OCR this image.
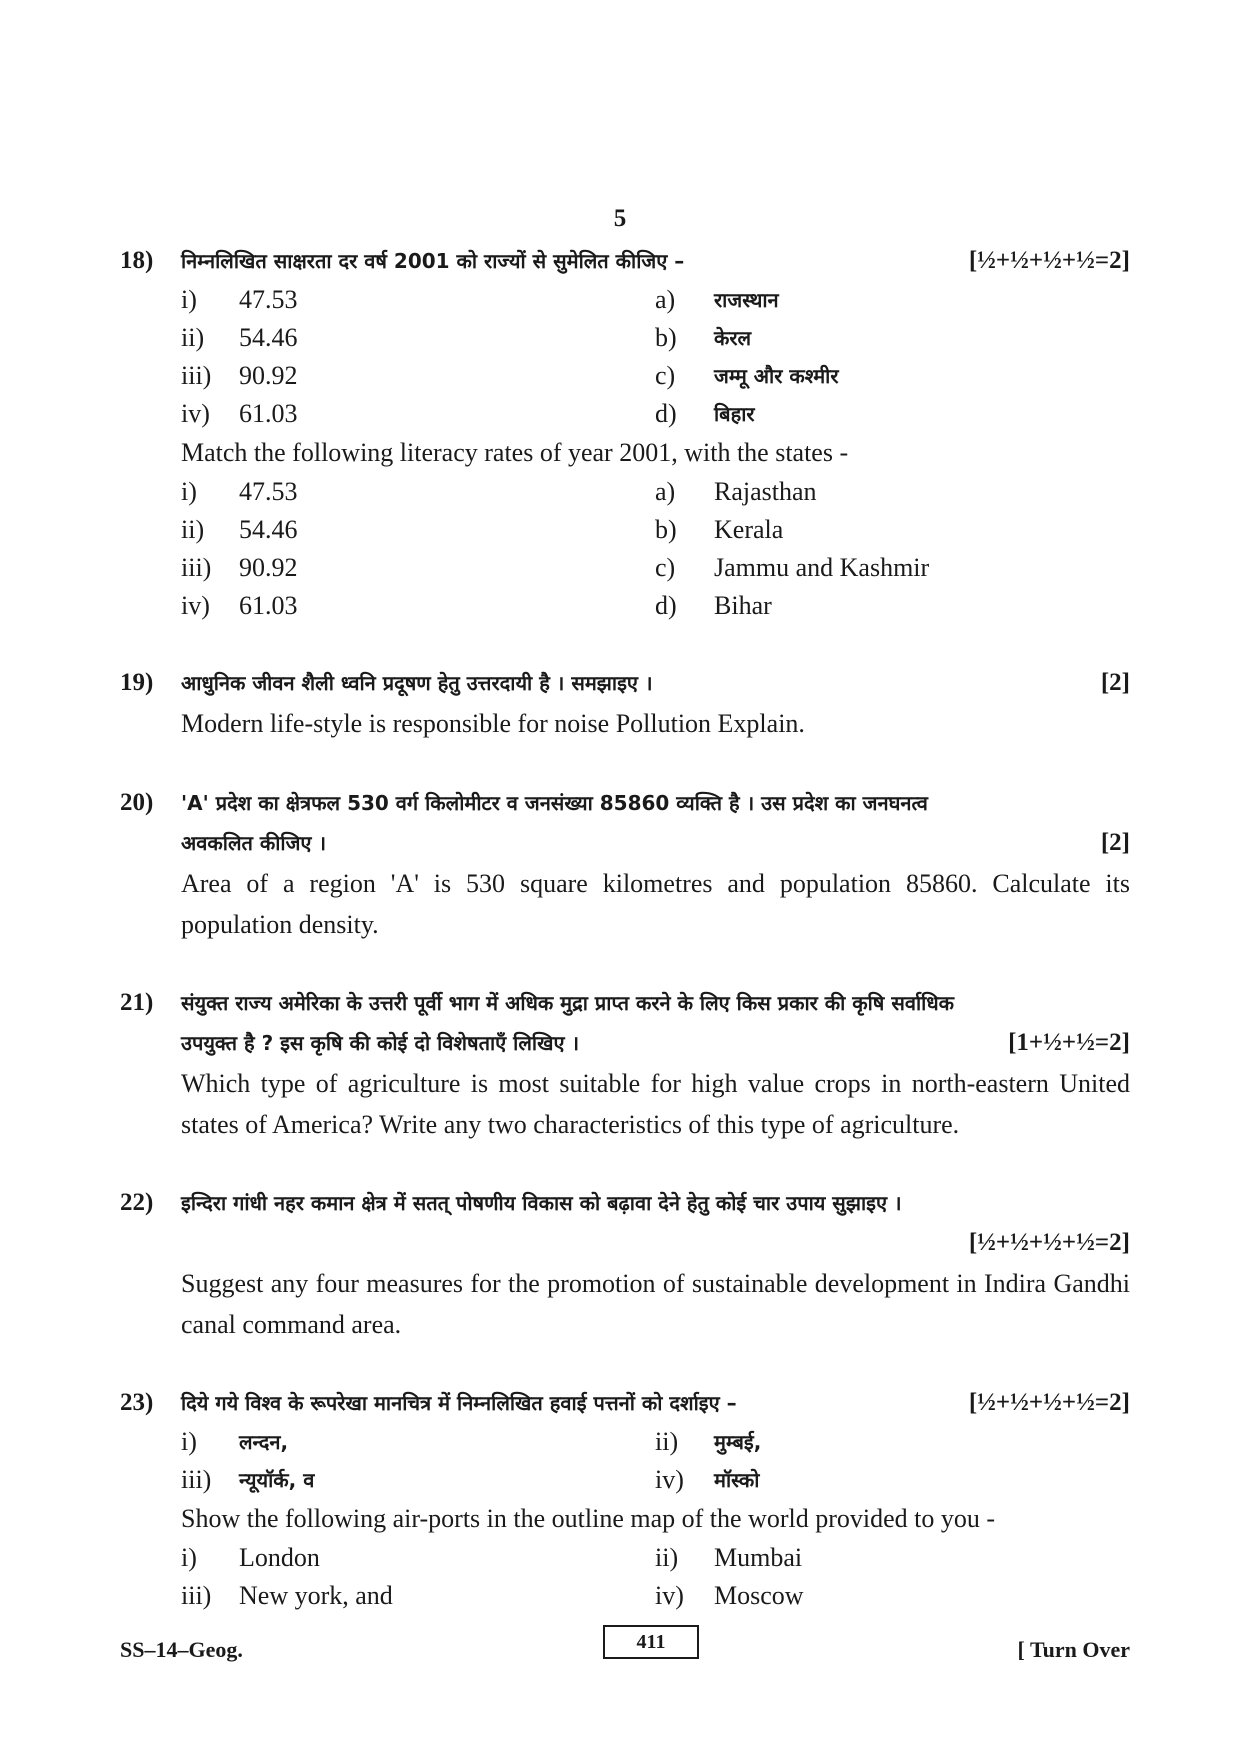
5
18) निम्नलिखित साक्षरता दर वर्ष 2001 को राज्यों से सुमेलित कीजिए –	[½+½+½+½=2]
i)	47.53	a)	राजस्थान
ii)	54.46	b)	केरल
iii)	90.92	c)	जम्मू और कश्मीर
iv)	61.03	d)	बिहार
Match the following literacy rates of year 2001, with the states -
i)	47.53	a)	Rajasthan
ii)	54.46	b)	Kerala
iii)	90.92	c)	Jammu and Kashmir
iv)	61.03	d)	Bihar
19) आधुनिक जीवन शैली ध्वनि प्रदूषण हेतु उत्तरदायी है । समझाइए ।	[2]
Modern life-style is responsible for noise Pollution Explain.
20) 'A' प्रदेश का क्षेत्रफल 530 वर्ग किलोमीटर व जनसंख्या 85860 व्यक्ति है । उस प्रदेश का जनघनत्व
अवकलित कीजिए ।	[2]
Area of a region 'A' is 530 square kilometres and population 85860. Calculate its population density.
21) संयुक्त राज्य अमेरिका के उत्तरी पूर्वी भाग में अधिक मुद्रा प्राप्त करने के लिए किस प्रकार की कृषि सर्वाधिक
उपयुक्त है ? इस कृषि की कोई दो विशेषताएँ लिखिए ।	[1+½+½=2]
Which type of agriculture is most suitable for high value crops in north-eastern United states of America? Write any two characteristics of this type of agriculture.
22) इन्दिरा गांधी नहर कमान क्षेत्र में सतत् पोषणीय विकास को बढ़ावा देने हेतु कोई चार उपाय सुझाइए ।
[½+½+½+½=2]
Suggest any four measures for the promotion of sustainable development in Indira Gandhi canal command area.
23) दिये गये विश्व के रूपरेखा मानचित्र में निम्नलिखित हवाई पत्तनों को दर्शाइए –	[½+½+½+½=2]
i)	लन्दन,	ii)	मुम्बई,
iii)	न्यूयॉर्क, व	iv)	मॉस्को
Show the following air-ports in the outline map of the world provided to you -
i)	London	ii)	Mumbai
iii)	New york, and	iv)	Moscow
SS–14–Geog.	411	[ Turn Over
